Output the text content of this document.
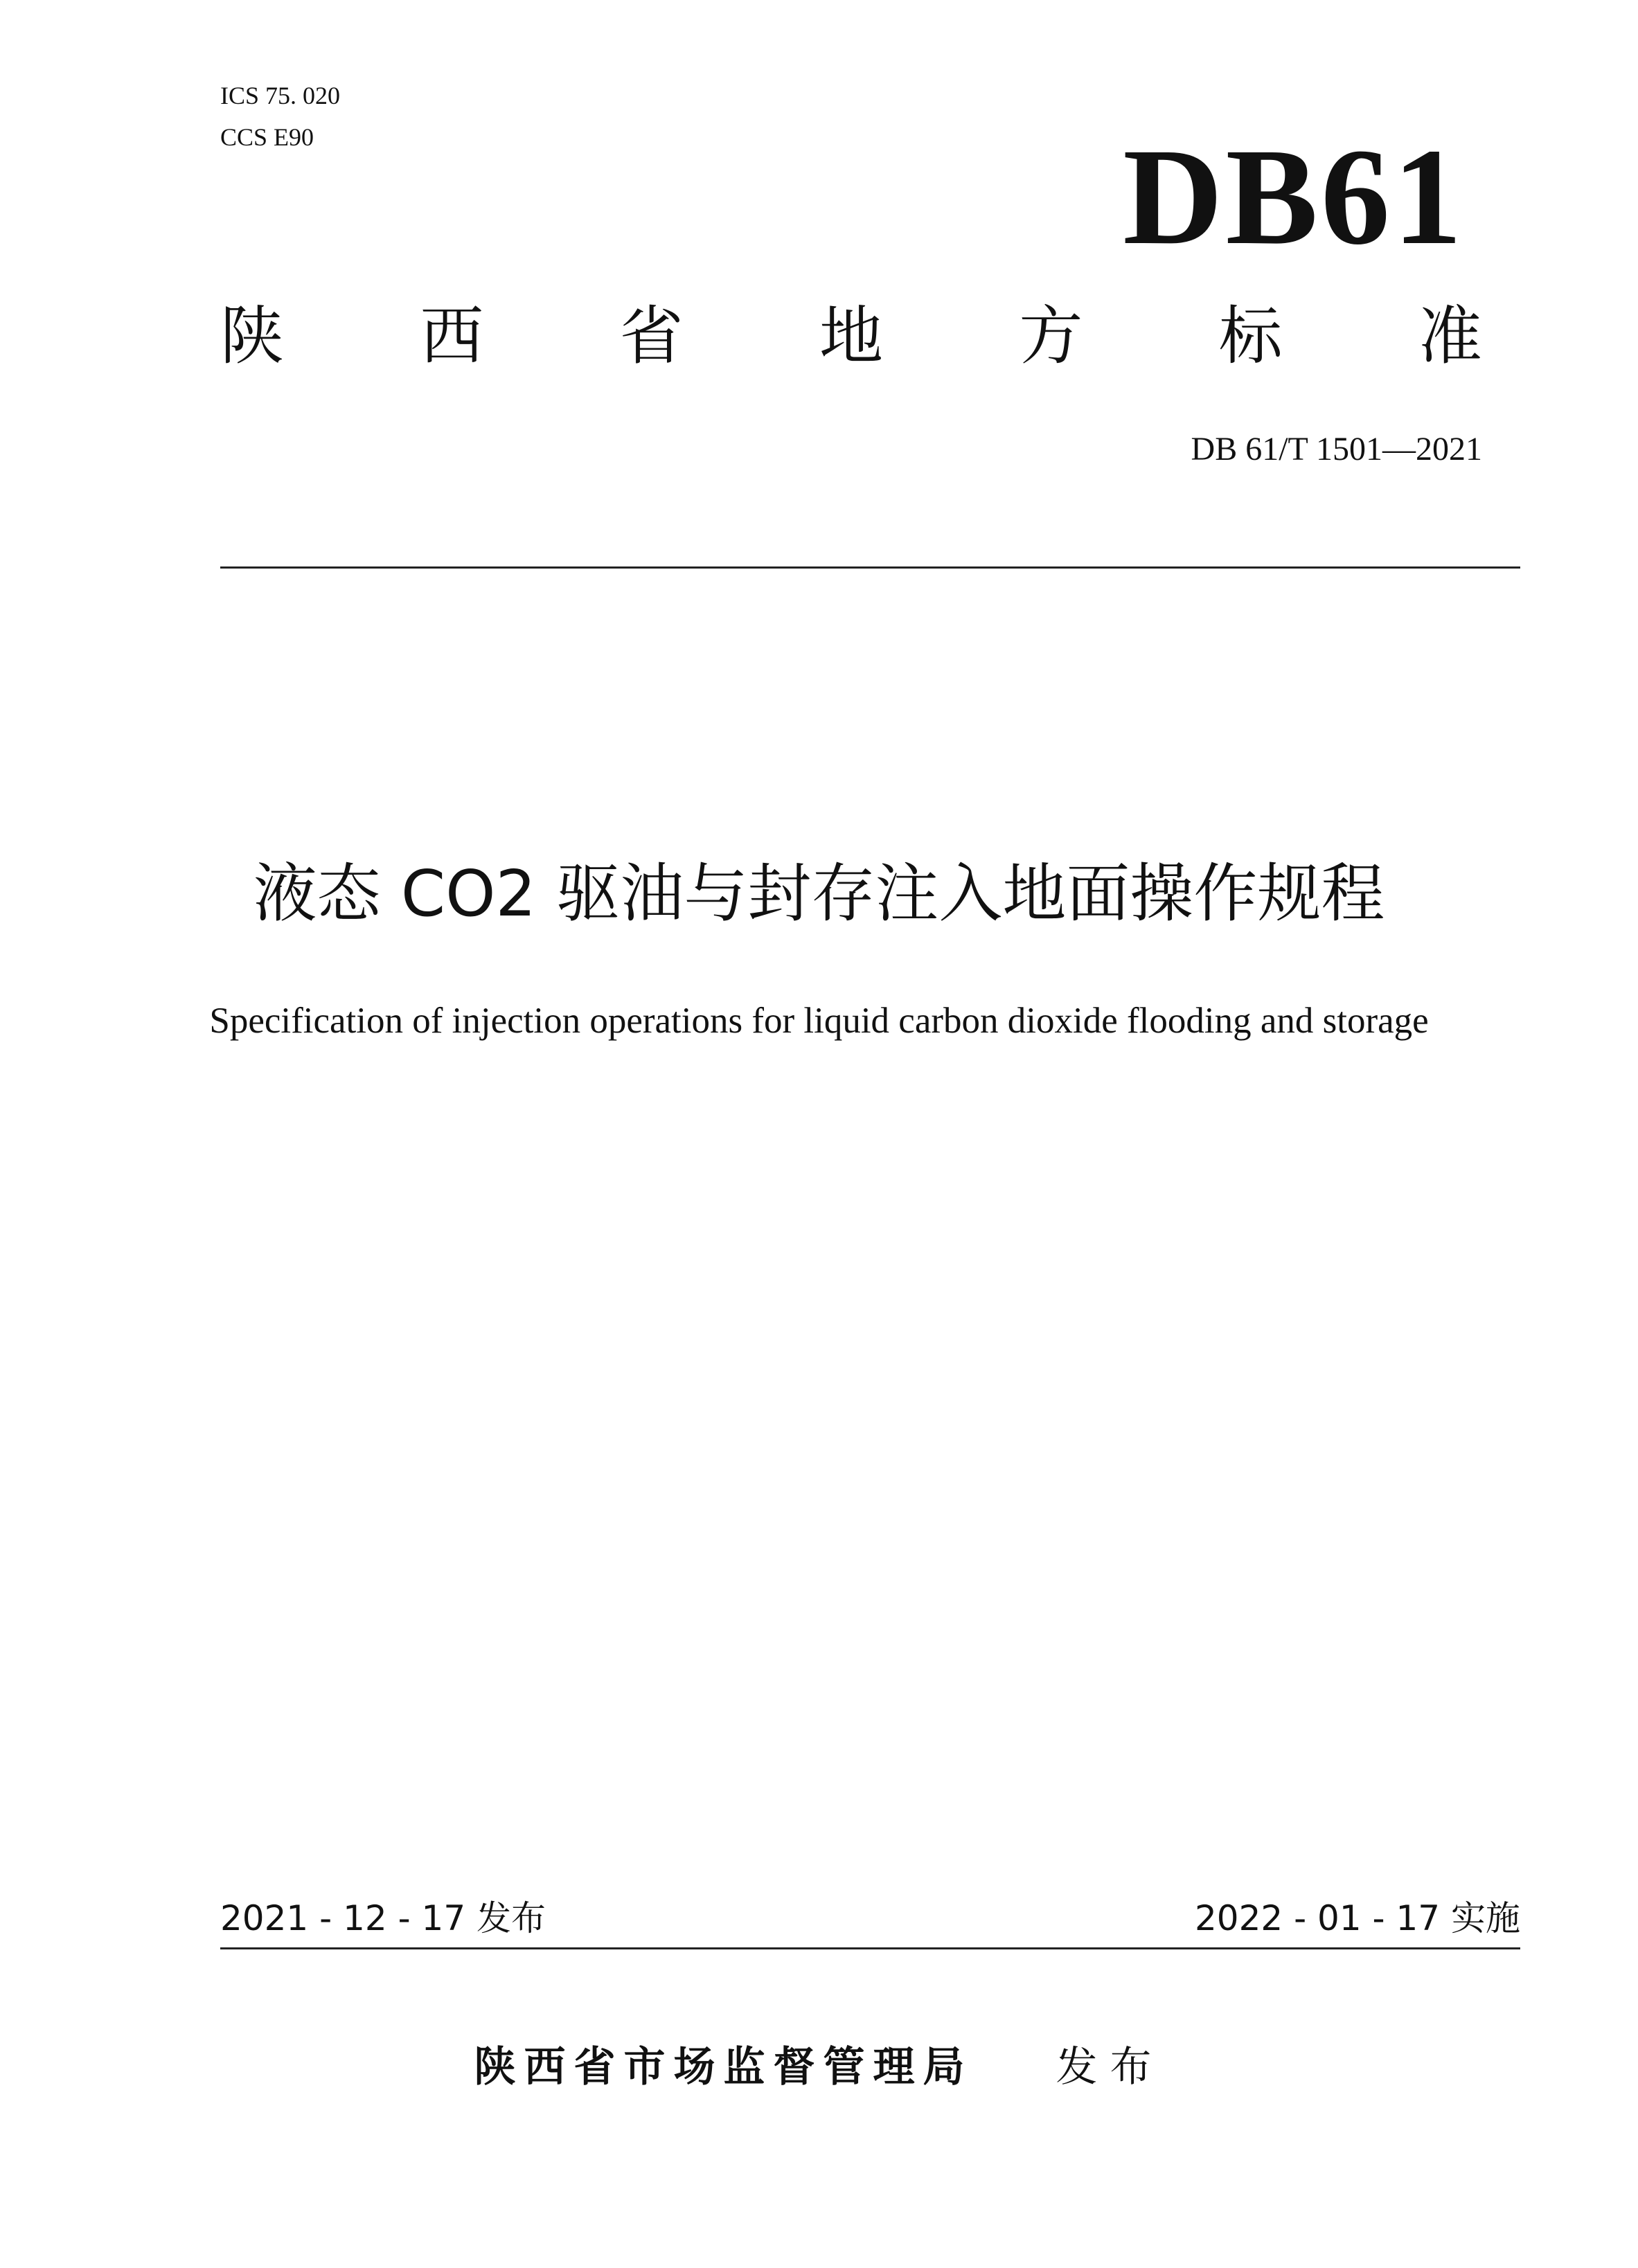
ICS 75. 020
CCS E90	DB61
陕 西 省 地 方 标 准
DB 61/T 1501—2021
液态 CO2 驱油与封存注入地面操作规程
Specification of injection operations for liquid carbon dioxide flooding and storage
2021 - 12 - 17 发布	2022 - 01 - 17 实施
陕西省市场监督管理局 发布
